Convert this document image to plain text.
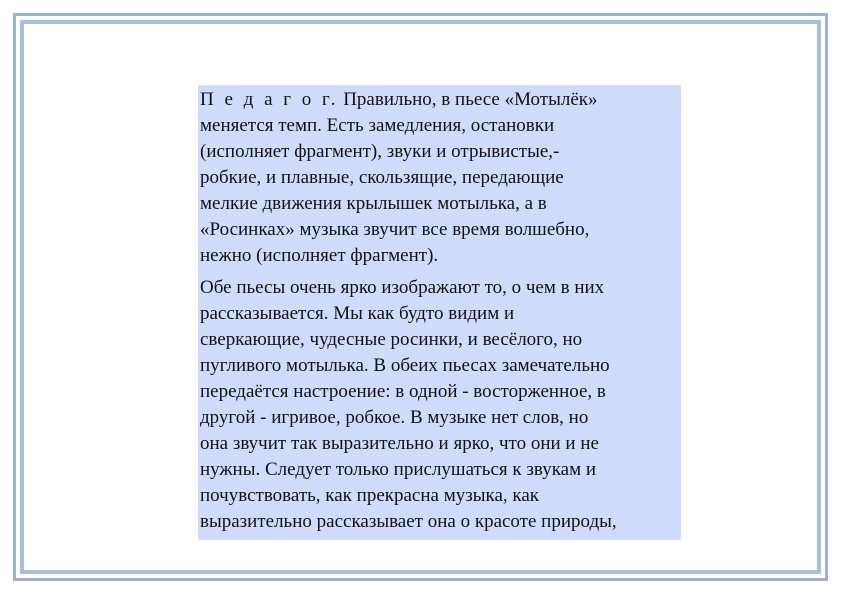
П е д а г о г. Правильно, в пьесе «Мотылёк»
меняется темп. Есть замедления, остановки
(исполняет фрагмент), звуки и отрывистые,-
робкие, и плавные, скользящие, передающие
мелкие движения крылышек мотылька, а в
«Росинках» музыка звучит все время волшебно,
нежно (исполняет фрагмент).

Обе пьесы очень ярко изображают то, о чем в них
рассказывается. Мы как будто видим и
сверкающие, чудесные росинки, и весёлого, но
пугливого мотылька. В обеих пьесах замечательно
передаётся настроение: в одной - восторженное, в
другой - игривое, робкое. В музыке нет слов, но
она звучит так выразительно и ярко, что они и не
нужны. Следует только прислушаться к звукам и
почувствовать, как прекрасна музыка, как
выразительно рассказывает она о красоте природы,
